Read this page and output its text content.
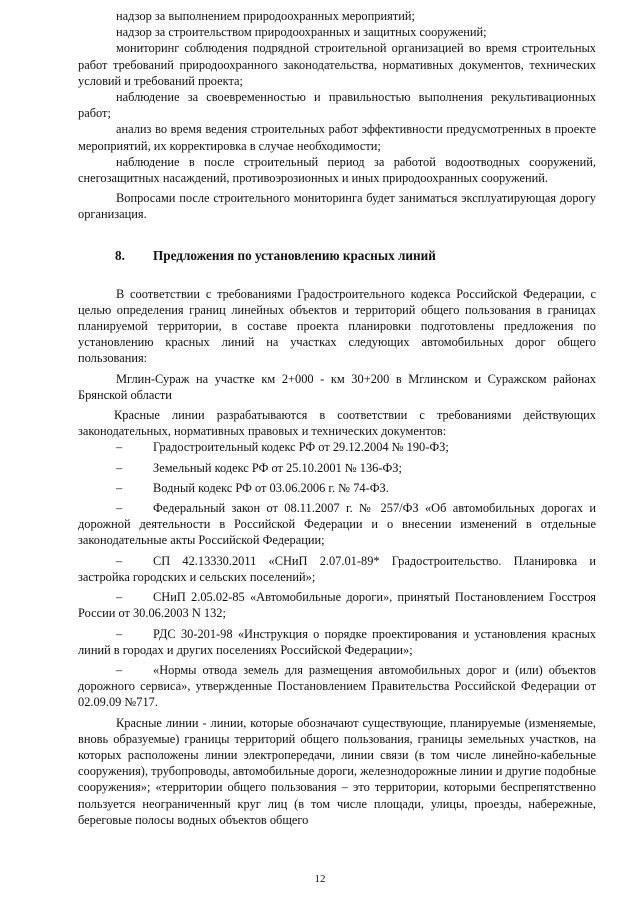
надзор за выполнением природоохранных мероприятий;

надзор за строительством природоохранных и защитных сооружений;

мониторинг соблюдения подрядной строительной организацией во время строительных работ требований природоохранного законодательства, нормативных документов, технических условий и требований проекта;

наблюдение за своевременностью и правильностью выполнения рекультивационных работ;

анализ во время ведения строительных работ эффективности предусмотренных в проекте мероприятий, их корректировка в случае необходимости;

наблюдение в после строительный период за работой водоотводных сооружений, снегозащитных насаждений, противоэрозионных и иных природоохранных сооружений.

Вопросами после строительного мониторинга будет заниматься эксплуатирующая дорогу организация.

8.	Предложения по установлению красных линий

В соответствии с требованиями Градостроительного кодекса Российской Федерации, с целью определения границ линейных объектов и территорий общего пользования в границах планируемой территории, в составе проекта планировки подготовлены предложения по установлению красных линий на участках следующих автомобильных дорог общего пользования:

Мглин-Сураж на участке км 2+000 - км 30+200 в Мглинском и Суражском районах Брянской области

Красные линии разрабатываются в соответствии с требованиями действующих законодательных, нормативных правовых и технических документов:

–	Градостроительный кодекс РФ от 29.12.2004 № 190-ФЗ;

–	Земельный кодекс РФ от 25.10.2001 № 136-ФЗ;

–	Водный кодекс РФ от 03.06.2006 г. № 74-ФЗ.

–	Федеральный закон от 08.11.2007 г. № 257/ФЗ «Об автомобильных дорогах и дорожной деятельности в Российской Федерации и о внесении изменений в отдельные законодательные акты Российской Федерации;

–	СП 42.13330.2011 «СНиП 2.07.01-89* Градостроительство. Планировка и застройка городских и сельских поселений»;

–	СНиП 2.05.02-85 «Автомобильные дороги», принятый Постановлением Госстроя России от 30.06.2003 N 132;

–	РДС 30-201-98 «Инструкция о порядке проектирования и установления красных линий в городах и других поселениях Российской Федерации»;

–	«Нормы отвода земель для размещения автомобильных дорог и (или) объектов дорожного сервиса», утвержденные Постановлением Правительства Российской Федерации от 02.09.09 №717.

Красные линии - линии, которые обозначают существующие, планируемые (изменяемые, вновь образуемые) границы территорий общего пользования, границы земельных участков, на которых расположены линии электропередачи, линии связи (в том числе линейно-кабельные сооружения), трубопроводы, автомобильные дороги, железнодорожные линии и другие подобные сооружения»; «территории общего пользования – это территории, которыми беспрепятственно пользуется неограниченный круг лиц (в том числе площади, улицы, проезды, набережные, береговые полосы водных объектов общего

12
